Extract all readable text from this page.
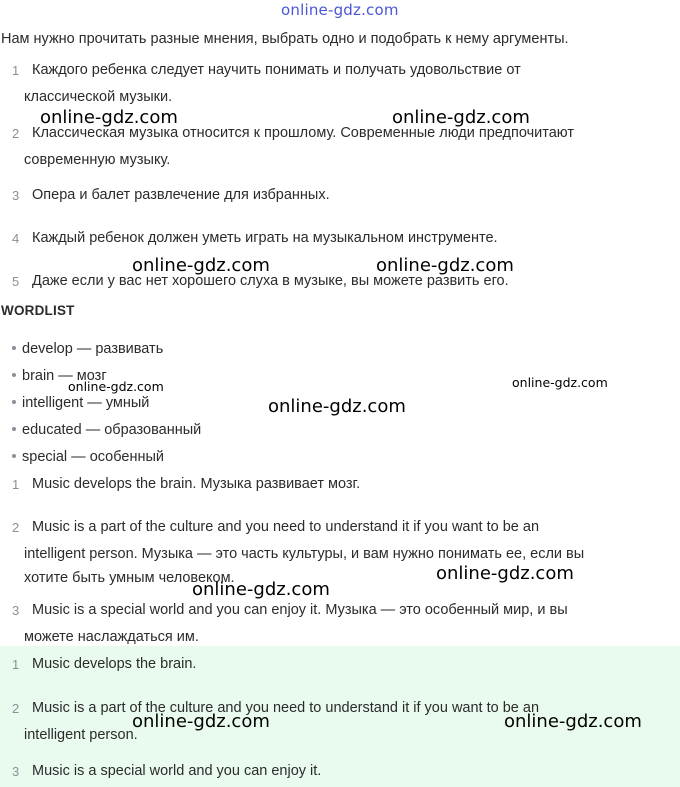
online-gdz.com
Нам нужно прочитать разные мнения, выбрать одно и подобрать к нему аргументы.
1 Каждого ребенка следует научить понимать и получать удовольствие от
классической музыки.
2 Классическая музыка относится к прошлому. Современные люди предпочитают
современную музыку.
3 Опера и балет развлечение для избранных.
4 Каждый ребенок должен уметь играть на музыкальном инструменте.
5 Даже если у вас нет хорошего слуха в музыке, вы можете развить его.
WORDLIST
develop — развивать
brain — мозг
intelligent — умный
educated — образованный
special — особенный
1 Music develops the brain. Музыка развивает мозг.
2 Music is a part of the culture and you need to understand it if you want to be an
intelligent person. Музыка — это часть культуры, и вам нужно понимать ее, если вы
хотите быть умным человеком.
3 Music is a special world and you can enjoy it. Музыка — это особенный мир, и вы
можете наслаждаться им.
1 Music develops the brain.
2 Music is a part of the culture and you need to understand it if you want to be an
intelligent person.
3 Music is a special world and you can enjoy it.
online-gdz.com	online-gdz.com
online-gdz.com	online-gdz.com
online-gdz.com	online-gdz.com
online-gdz.com
online-gdz.com
online-gdz.com
online-gdz.com	online-gdz.com
